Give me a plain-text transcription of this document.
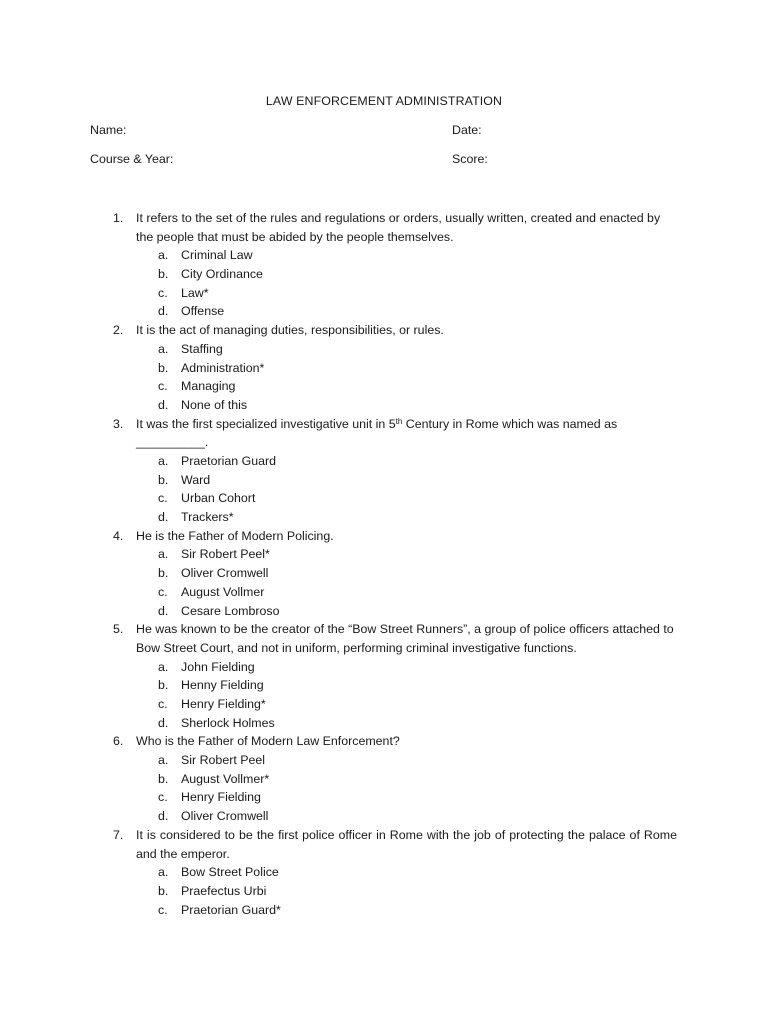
LAW ENFORCEMENT ADMINISTRATION
Name:	Date:
Course & Year:	Score:
1. It refers to the set of the rules and regulations or orders, usually written, created and enacted by the people that must be abided by the people themselves.
a. Criminal Law
b. City Ordinance
c. Law*
d. Offense
2. It is the act of managing duties, responsibilities, or rules.
a. Staffing
b. Administration*
c. Managing
d. None of this
3. It was the first specialized investigative unit in 5th Century in Rome which was named as
__________.
a. Praetorian Guard
b. Ward
c. Urban Cohort
d. Trackers*
4. He is the Father of Modern Policing.
a. Sir Robert Peel*
b. Oliver Cromwell
c. August Vollmer
d. Cesare Lombroso
5. He was known to be the creator of the “Bow Street Runners”, a group of police officers attached to Bow Street Court, and not in uniform, performing criminal investigative functions.
a. John Fielding
b. Henny Fielding
c. Henry Fielding*
d. Sherlock Holmes
6. Who is the Father of Modern Law Enforcement?
a. Sir Robert Peel
b. August Vollmer*
c. Henry Fielding
d. Oliver Cromwell
7. It is considered to be the first police officer in Rome with the job of protecting the palace of Rome and the emperor.
a. Bow Street Police
b. Praefectus Urbi
c. Praetorian Guard*
